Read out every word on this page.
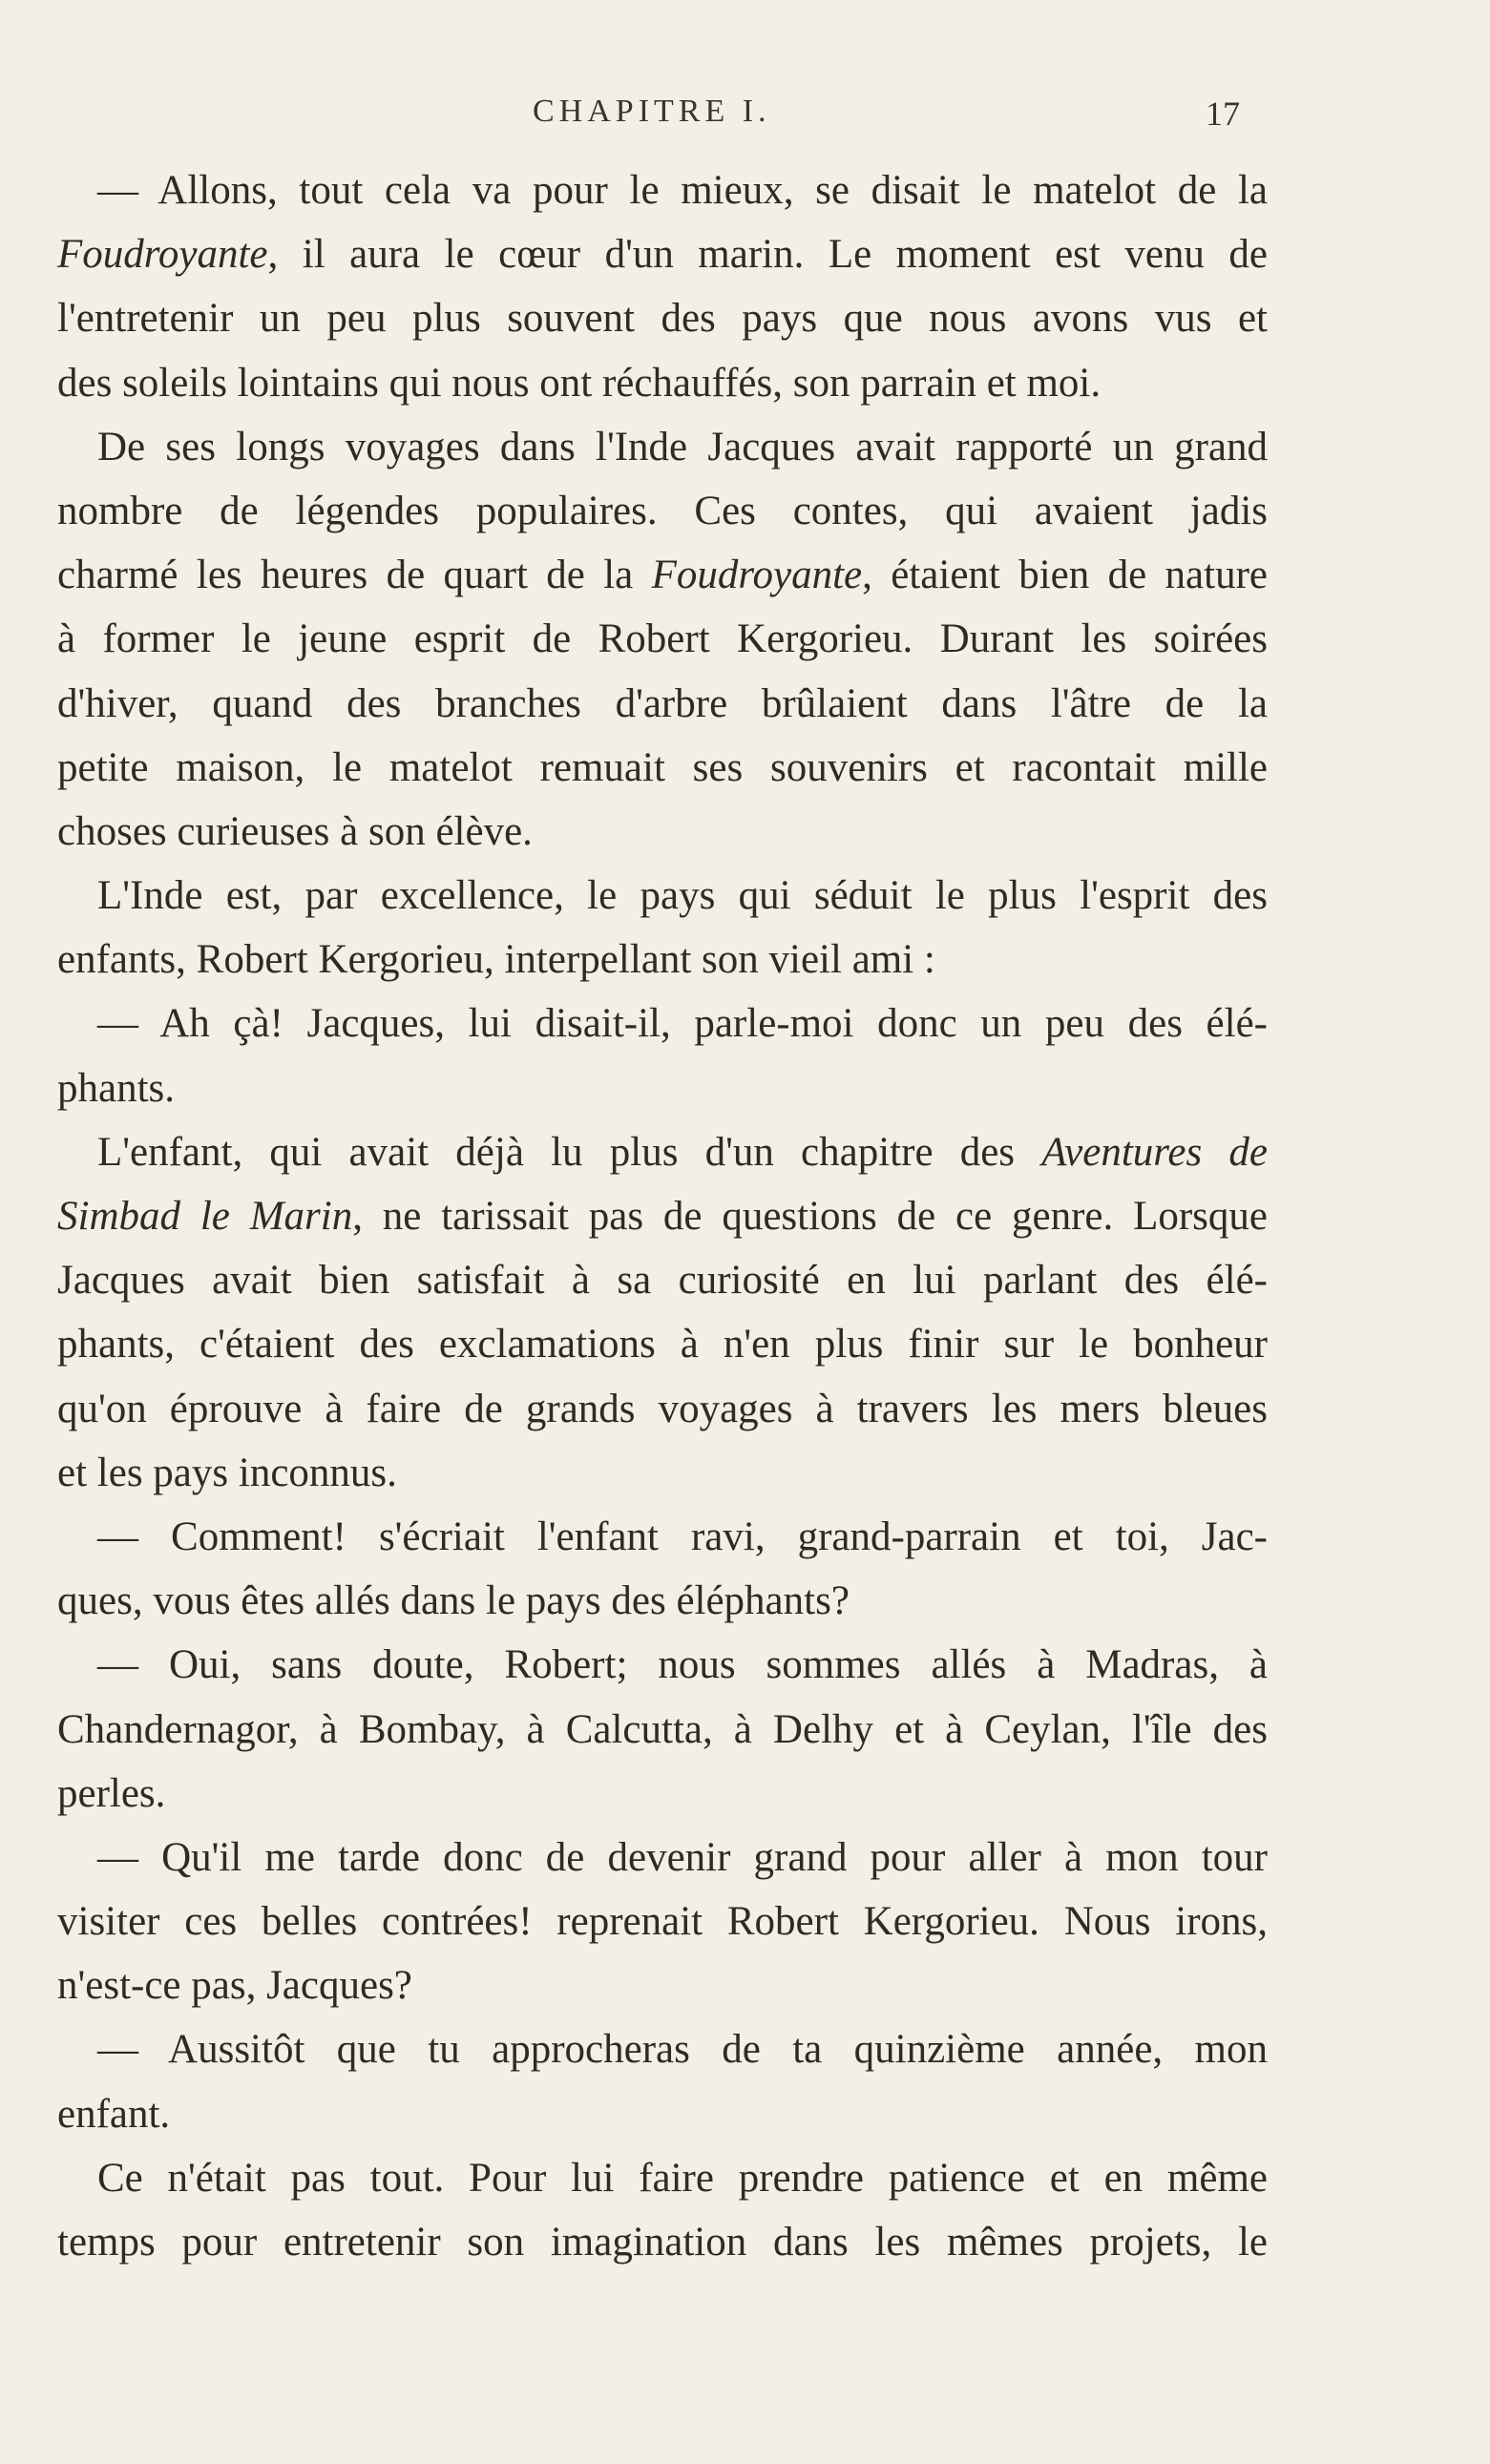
CHAPITRE I.	17
— Allons, tout cela va pour le mieux, se disait le matelot de la
Foudroyante, il aura le cœur d'un marin. Le moment est venu de
l'entretenir un peu plus souvent des pays que nous avons vus et
des soleils lointains qui nous ont réchauffés, son parrain et moi.
De ses longs voyages dans l'Inde Jacques avait rapporté un grand
nombre de légendes populaires. Ces contes, qui avaient jadis
charmé les heures de quart de la Foudroyante, étaient bien de nature
à former le jeune esprit de Robert Kergorieu. Durant les soirées
d'hiver, quand des branches d'arbre brûlaient dans l'âtre de la
petite maison, le matelot remuait ses souvenirs et racontait mille
choses curieuses à son élève.
L'Inde est, par excellence, le pays qui séduit le plus l'esprit des
enfants, Robert Kergorieu, interpellant son vieil ami :
— Ah çà! Jacques, lui disait-il, parle-moi donc un peu des élé-
phants.
L'enfant, qui avait déjà lu plus d'un chapitre des Aventures de
Simbad le Marin, ne tarissait pas de questions de ce genre. Lorsque
Jacques avait bien satisfait à sa curiosité en lui parlant des élé-
phants, c'étaient des exclamations à n'en plus finir sur le bonheur
qu'on éprouve à faire de grands voyages à travers les mers bleues
et les pays inconnus.
— Comment! s'écriait l'enfant ravi, grand-parrain et toi, Jac-
ques, vous êtes allés dans le pays des éléphants?
— Oui, sans doute, Robert; nous sommes allés à Madras, à
Chandernagor, à Bombay, à Calcutta, à Delhy et à Ceylan, l'île des
perles.
— Qu'il me tarde donc de devenir grand pour aller à mon tour
visiter ces belles contrées! reprenait Robert Kergorieu. Nous irons,
n'est-ce pas, Jacques?
— Aussitôt que tu approcheras de ta quinzième année, mon
enfant.
Ce n'était pas tout. Pour lui faire prendre patience et en même
temps pour entretenir son imagination dans les mêmes projets, le
